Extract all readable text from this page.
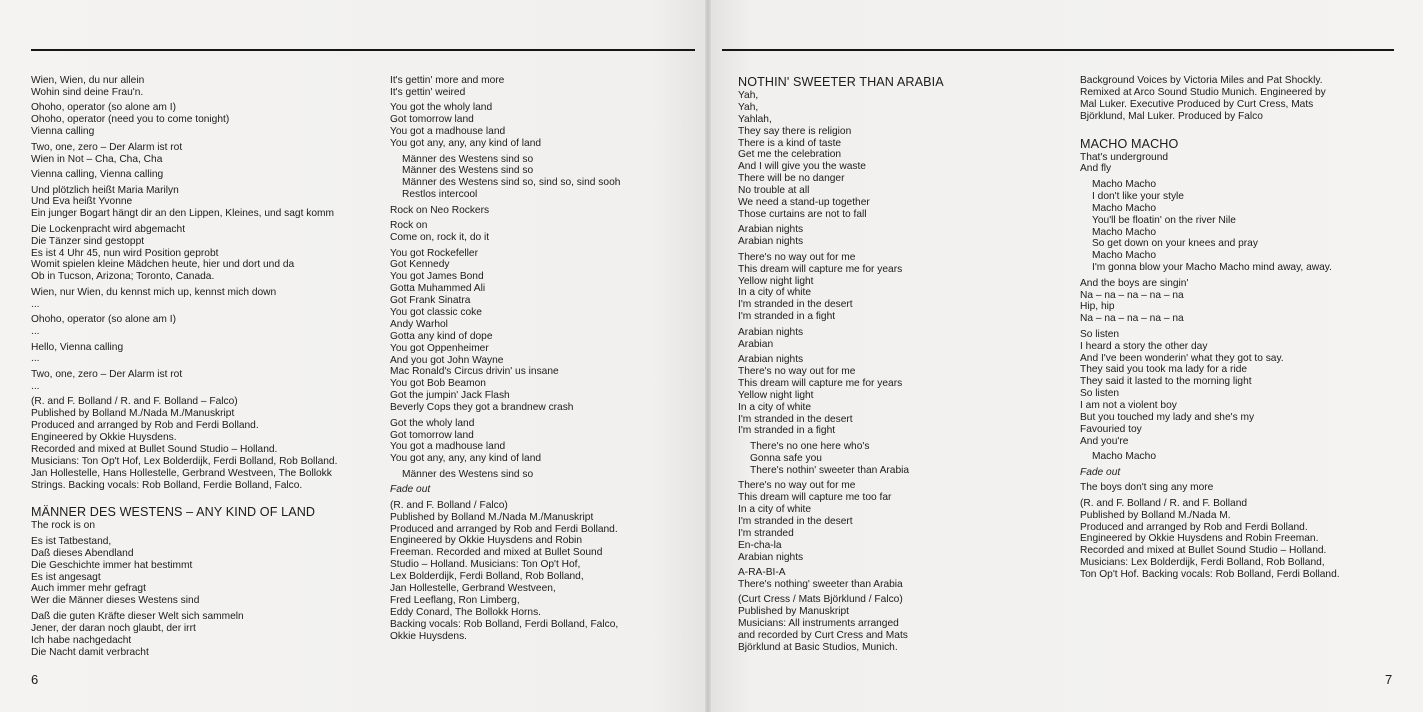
Wien, Wien, du nur allein
Wohin sind deine Frau'n.
Ohoho, operator (so alone am I)
Ohoho, operator (need you to come tonight)
Vienna calling
Two, one, zero – Der Alarm ist rot
Wien in Not – Cha, Cha, Cha
Vienna calling, Vienna calling
Und plötzlich heißt Maria Marilyn
Und Eva heißt Yvonne
Ein junger Bogart hängt dir an den Lippen, Kleines, und sagt komm
Die Lockenpracht wird abgemacht
Die Tänzer sind gestoppt
Es ist 4 Uhr 45, nun wird Position geprobt
Womit spielen kleine Mädchen heute, hier und dort und da
Ob in Tucson, Arizona; Toronto, Canada.
Wien, nur Wien, du kennst mich up, kennst mich down
...
Ohoho, operator (so alone am I)
...
Hello, Vienna calling
...
Two, one, zero – Der Alarm ist rot
...
(R. and F. Bolland / R. and F. Bolland – Falco)
Published by Bolland M./Nada M./Manuskript
Produced and arranged by Rob and Ferdi Bolland.
Engineered by Okkie Huysdens.
Recorded and mixed at Bullet Sound Studio – Holland.
Musicians: Ton Op't Hof, Lex Bolderdijk, Ferdi Bolland, Rob Bolland.
Jan Hollestelle, Hans Hollestelle, Gerbrand Westveen, The Bollokk
Strings. Backing vocals: Rob Bolland, Ferdie Bolland, Falco.
MÄNNER DES WESTENS – ANY KIND OF LAND
The rock is on
Es ist Tatbestand,
Daß dieses Abendland
Die Geschichte immer hat bestimmt
Es ist angesagt
Auch immer mehr gefragt
Wer die Männer dieses Westens sind
Daß die guten Kräfte dieser Welt sich sammeln
Jener, der daran noch glaubt, der irrt
Ich habe nachgedacht
Die Nacht damit verbracht
It's gettin' more and more
It's gettin' weired
You got the wholy land
Got tomorrow land
You got a madhouse land
You got any, any, any kind of land
Männer des Westens sind so
Männer des Westens sind so
Männer des Westens sind so, sind so, sind sooh
Restlos intercool
Rock on Neo Rockers
Rock on
Come on, rock it, do it
You got Rockefeller
Got Kennedy
You got James Bond
Gotta Muhammed Ali
Got Frank Sinatra
You got classic coke
Andy Warhol
Gotta any kind of dope
You got Oppenheimer
And you got John Wayne
Mac Ronald's Circus drivin' us insane
You got Bob Beamon
Got the jumpin' Jack Flash
Beverly Cops they got a brandnew crash
Got the wholy land
Got tomorrow land
You got a madhouse land
You got any, any, any kind of land
Männer des Westens sind so
Fade out
(R. and F. Bolland / Falco)
Published by Bolland M./Nada M./Manuskript
Produced and arranged by Rob and Ferdi Bolland.
Engineered by Okkie Huysdens and Robin
Freeman. Recorded and mixed at Bullet Sound
Studio – Holland. Musicians: Ton Op't Hof,
Lex Bolderdijk, Ferdi Bolland, Rob Bolland,
Jan Hollestelle, Gerbrand Westveen,
Fred Leeflang, Ron Limberg,
Eddy Conard, The Bollokk Horns.
Backing vocals: Rob Bolland, Ferdi Bolland, Falco,
Okkie Huysdens.
NOTHIN' SWEETER THAN ARABIA
Yah,
Yah,
Yahlah,
They say there is religion
There is a kind of taste
Get me the celebration
And I will give you the waste
There will be no danger
No trouble at all
We need a stand-up together
Those curtains are not to fall
Arabian nights
Arabian nights
There's no way out for me
This dream will capture me for years
Yellow night light
In a city of white
I'm stranded in the desert
I'm stranded in a fight
Arabian nights
Arabian
Arabian nights
There's no way out for me
This dream will capture me for years
Yellow night light
In a city of white
I'm stranded in the desert
I'm stranded in a fight
There's no one here who's
Gonna safe you
There's nothin' sweeter than Arabia
There's no way out for me
This dream will capture me too far
In a city of white
I'm stranded in the desert
I'm stranded
En-cha-la
Arabian nights
A-RA-BI-A
There's nothing' sweeter than Arabia
(Curt Cress / Mats Björklund / Falco)
Published by Manuskript
Musicians: All instruments arranged
and recorded by Curt Cress and Mats
Björklund at Basic Studios, Munich.
Background Voices by Victoria Miles and Pat Shockly.
Remixed at Arco Sound Studio Munich. Engineered by
Mal Luker. Executive Produced by Curt Cress, Mats
Björklund, Mal Luker. Produced by Falco
MACHO MACHO
That's underground
And fly
Macho Macho
I don't like your style
Macho Macho
You'll be floatin' on the river Nile
Macho Macho
So get down on your knees and pray
Macho Macho
I'm gonna blow your Macho Macho mind away, away.
And the boys are singin'
Na – na – na – na – na
Hip, hip
Na – na – na – na – na
So listen
I heard a story the other day
And I've been wonderin' what they got to say.
They said you took ma lady for a ride
They said it lasted to the morning light
So listen
I am not a violent boy
But you touched my lady and she's my
Favouried toy
And you're
Macho Macho
Fade out
The boys don't sing any more
(R. and F. Bolland / R. and F. Bolland
Published by Bolland M./Nada M.
Produced and arranged by Rob and Ferdi Bolland.
Engineered by Okkie Huysdens and Robin Freeman.
Recorded and mixed at Bullet Sound Studio – Holland.
Musicians: Lex Bolderdijk, Ferdi Bolland, Rob Bolland,
Ton Op't Hof. Backing vocals: Rob Bolland, Ferdi Bolland.
6	7
